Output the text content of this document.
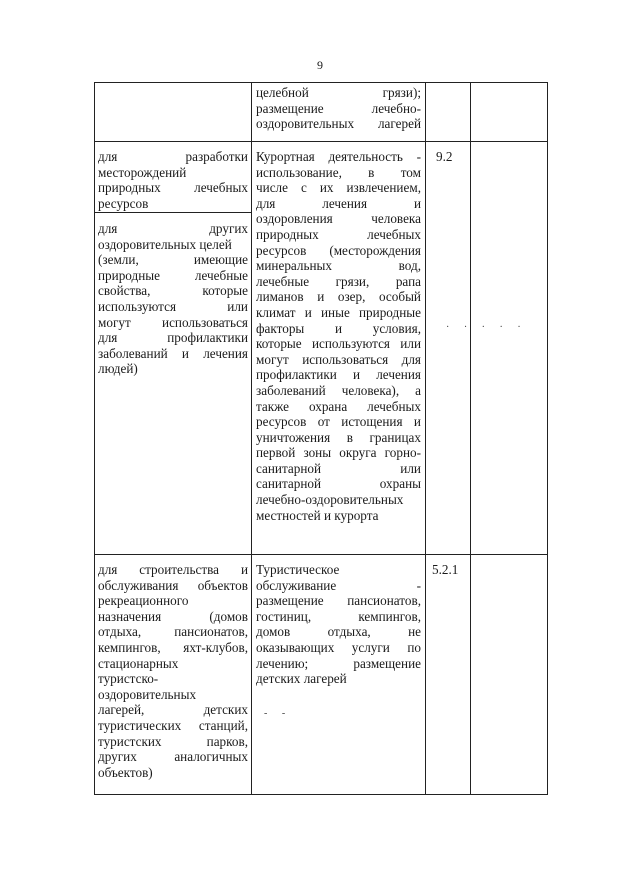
9
целебной грязи);
размещение лечебно-
оздоровительных лагерей
для разработки
месторождений
природных лечебных
ресурсов
для других
оздоровительных целей
(земли, имеющие
природные лечебные
свойства, которые
используются или
могут использоваться
для профилактики
заболеваний и лечения
людей)
Курортная деятельность -
использование, в том
числе с их извлечением,
для лечения и
оздоровления человека
природных лечебных
ресурсов (месторождения
минеральных вод,
лечебные грязи, рапа
лиманов и озер, особый
климат и иные природные
факторы и условия,
которые используются или
могут использоваться для
профилактики и лечения
заболеваний человека), а
также охрана лечебных
ресурсов от истощения и
уничтожения в границах
первой зоны округа горно-
санитарной или
санитарной охраны
лечебно-оздоровительных
местностей и курорта
9.2
для строительства и
обслуживания объектов
рекреационного
назначения (домов
отдыха, пансионатов,
кемпингов, яхт-клубов,
стационарных
туристско-
оздоровительных
лагерей, детских
туристических станций,
туристских парков,
других аналогичных
объектов)
Туристическое
обслуживание -
размещение пансионатов,
гостиниц, кемпингов,
домов отдыха, не
оказывающих услуги по
лечению; размещение
детских лагерей
5.2.1
· · · · ·
- -
